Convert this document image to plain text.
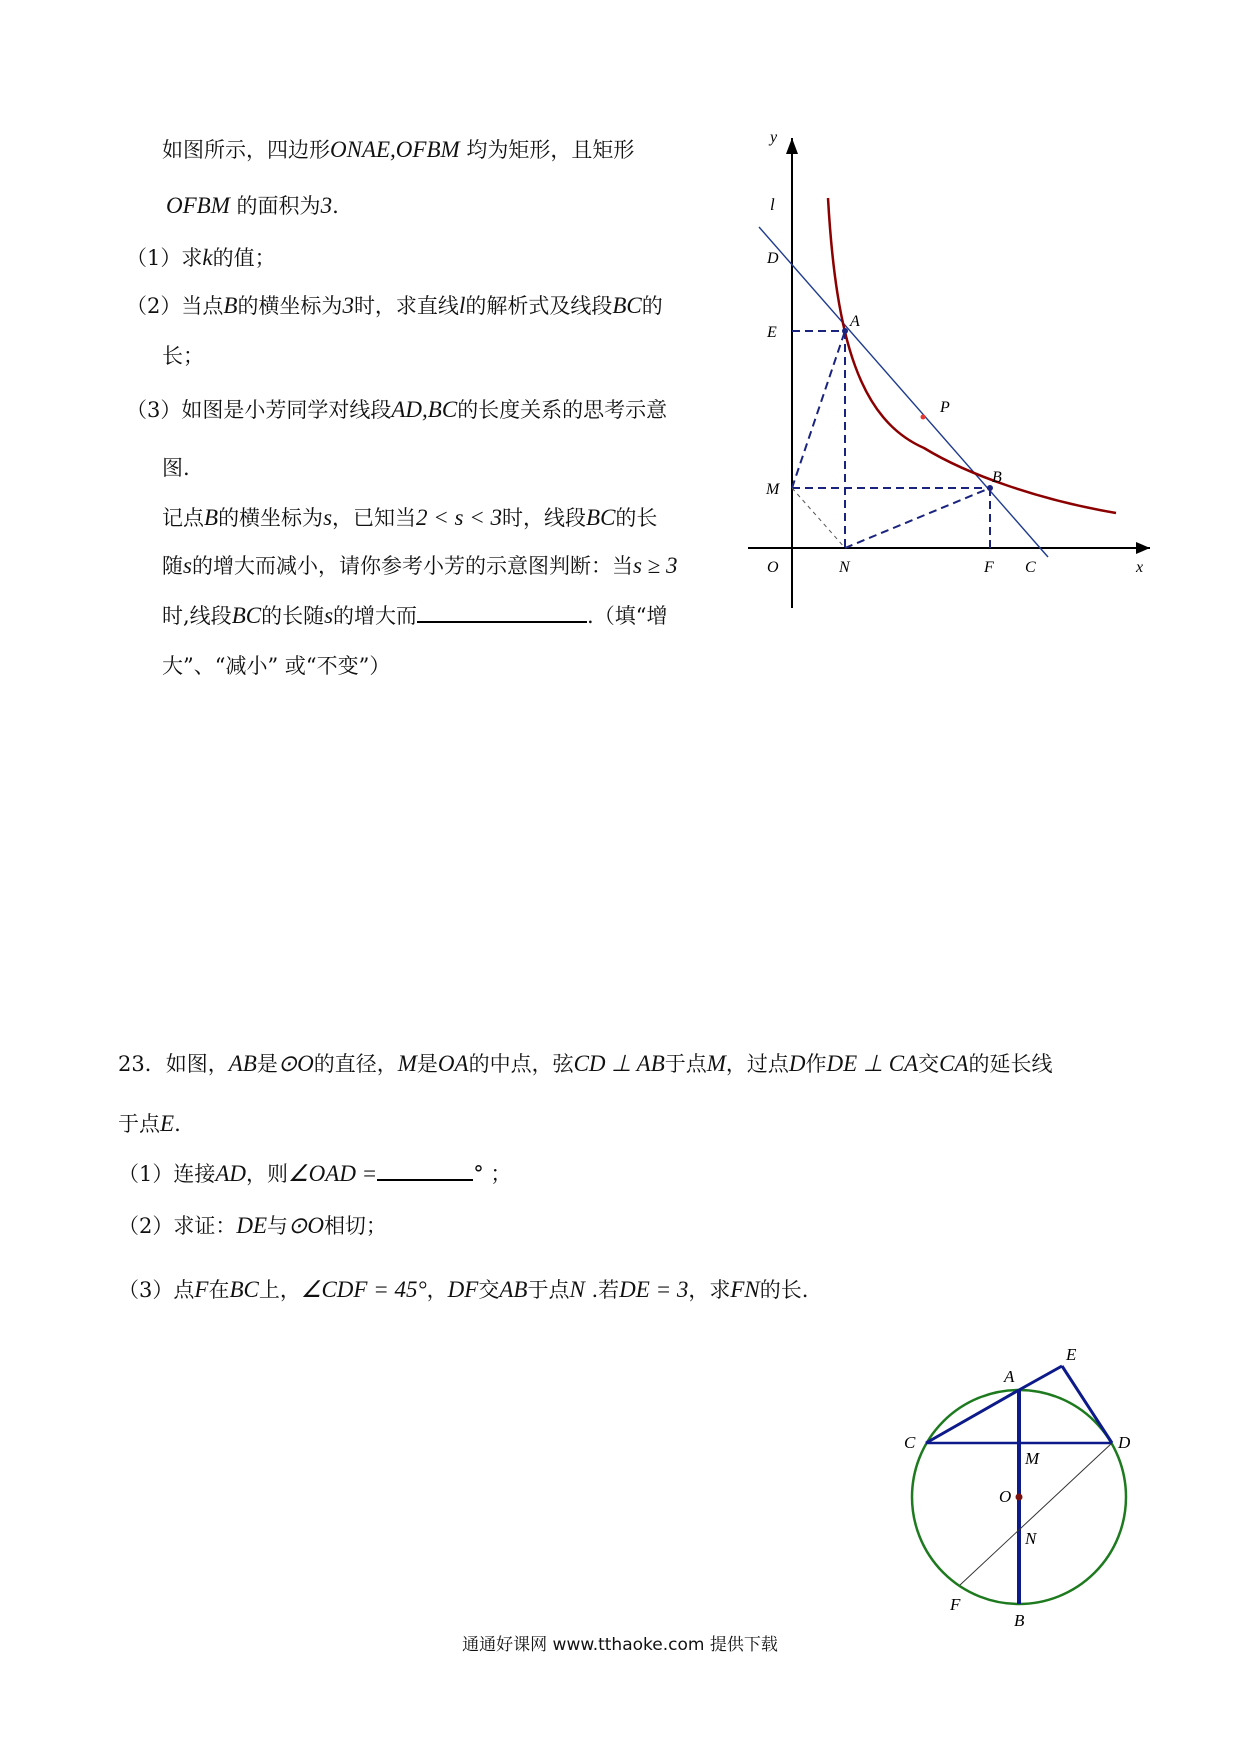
如图所示，四边形ONAE,OFBM 均为矩形，且矩形
OFBM 的面积为3.
（1）求k的值；
（2）当点B的横坐标为3时，求直线l的解析式及线段BC的
长；
（3）如图是小芳同学对线段AD,BC的长度关系的思考示意
图.
记点B的横坐标为s，已知当2 < s < 3时，线段BC的长
随s的增大而减小，请你参考小芳的示意图判断：当s ≥ 3
时,线段BC的长随s的增大而	.（填“增
大”、“减小” 或“不变”）
y
x
l
D
E
A
P
M
B
O	N	F C
23．如图，AB是⊙O的直径，M是OA的中点，弦CD ⊥ AB于点M，过点D作DE ⊥ CA交CA的延长线
于点E.
（1）连接AD，则∠OAD =	° ；
（2）求证：DE与⊙O相切；
（3）点F在BC上，∠CDF = 45°，DF交AB于点N .若DE = 3，求FN的长.
A
E
C	D
M
O
N
F
B
通通好课网 www.tthaoke.com 提供下载
